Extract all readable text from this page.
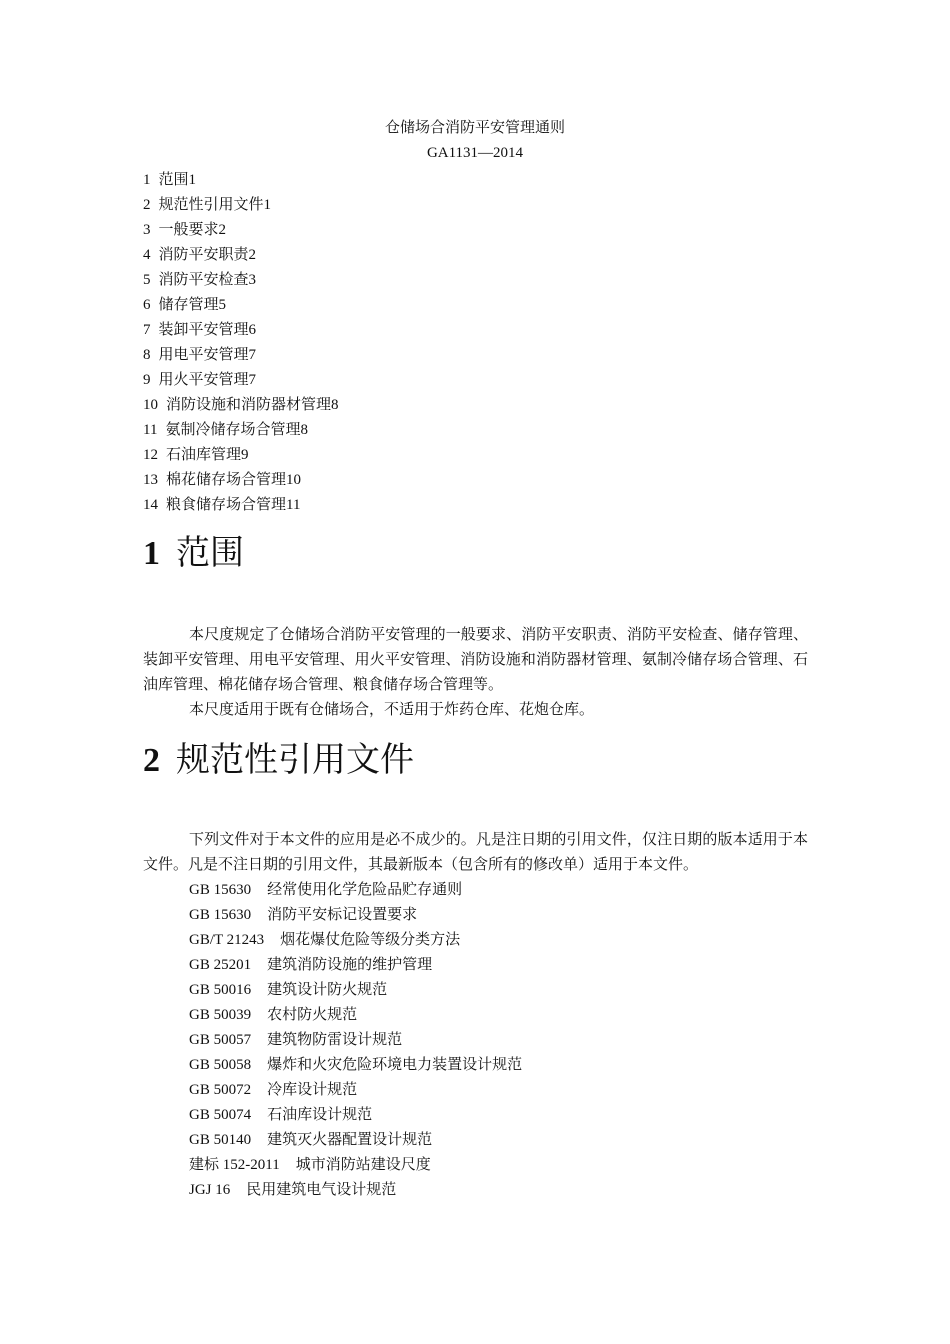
仓储场合消防平安管理通则
GA1131—2014
1 范围1
2 规范性引用文件1
3 一般要求2
4 消防平安职责2
5 消防平安检查3
6 储存管理5
7 装卸平安管理6
8 用电平安管理7
9 用火平安管理7
10 消防设施和消防器材管理8
11 氨制冷储存场合管理8
12 石油库管理9
13 棉花储存场合管理10
14 粮食储存场合管理11
1 范围

本尺度规定了仓储场合消防平安管理的一般要求、消防平安职责、消防平安检查、储存管理、装卸平安管理、用电平安管理、用火平安管理、消防设施和消防器材管理、氨制冷储存场合管理、石油库管理、棉花储存场合管理、粮食储存场合管理等。

本尺度适用于既有仓储场合，不适用于炸药仓库、花炮仓库。

2 规范性引用文件

下列文件对于本文件的应用是必不成少的。凡是注日期的引用文件，仅注日期的版本适用于本文件。凡是不注日期的引用文件，其最新版本（包含所有的修改单）适用于本文件。

GB 15630 经常使用化学危险品贮存通则
GB 15630 消防平安标记设置要求
GB/T 21243 烟花爆仗危险等级分类方法
GB 25201 建筑消防设施的维护管理
GB 50016 建筑设计防火规范
GB 50039 农村防火规范
GB 50057 建筑物防雷设计规范
GB 50058 爆炸和火灾危险环境电力装置设计规范
GB 50072 冷库设计规范
GB 50074 石油库设计规范
GB 50140 建筑灭火器配置设计规范
建标 152-2011 城市消防站建设尺度
JGJ 16 民用建筑电气设计规范
